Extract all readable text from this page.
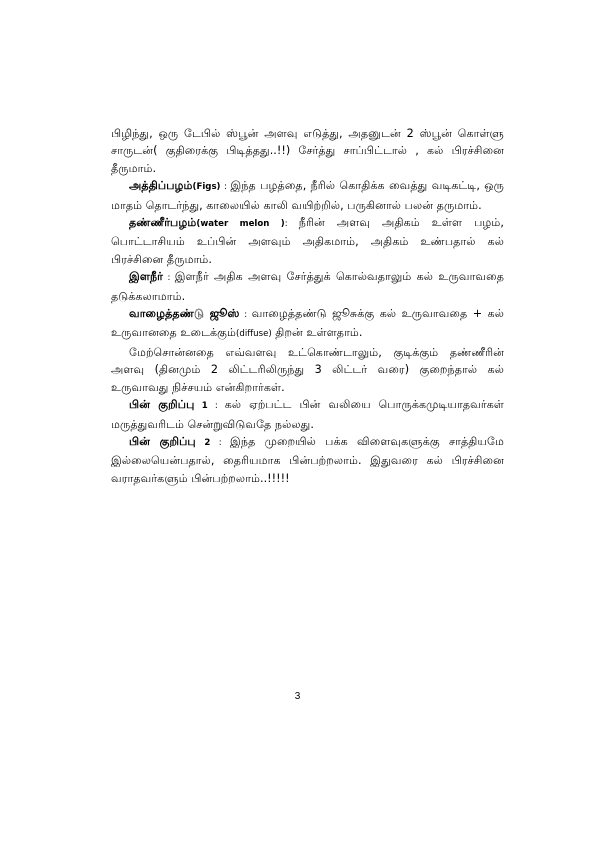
பிழிந்து, ஒரு டேபில் ஸ்பூன் அளவு எடுத்து, அதனுடன் 2 ஸ்பூன் கொள்ளு சாருடன்( குதிரைக்கு பிடித்தது..!!) சேர்த்து சாப்பிட்டால் , கல் பிரச்சினை தீருமாம்.

அத்திப்பழம்(Figs) : இந்த பழத்தை, நீரில் கொதிக்க வைத்து வடிகட்டி, ஒரு மாதம் தொடர்ந்து, காலையில் காலி வயிற்றில், பருகினால் பலன் தருமாம்.

தண்ணீர்பழம்(water melon ): நீரின் அளவு அதிகம் உள்ள பழம், பொட்டாசியம் உப்பின் அளவும் அதிகமாம், அதிகம் உண்பதால் கல் பிரச்சினை தீருமாம்.

இளநீர் : இளநீர் அதிக அளவு சேர்த்துக் கொல்வதாலும் கல் உருவாவதை தடுக்கலாமாம்.

வாழைத்தண்டு ஜூஸ் : வாழைத்தண்டு ஜூசுக்கு கல் உருவாவதை + கல் உருவானதை உடைக்கும்(diffuse) திறன் உள்ளதாம்.

மேற்சொன்னதை எவ்வளவு உட்கொண்டாலும், குடிக்கும் தண்ணீரின் அளவு (தினமும் 2 லிட்டரிலிருந்து 3 லிட்டர் வரை) குறைந்தால் கல் உருவாவது நிச்சயம் என்கிறார்கள்.

பின் குறிப்பு 1 : கல் ஏற்பட்ட பின் வலியை பொருக்கமுடியாதவர்கள் மருத்துவரிடம் சென்றுவிடுவதே நல்லது.

பின் குறிப்பு 2 : இந்த முறையில் பக்க விளைவுகளுக்கு சாத்தியமே இல்லையென்பதால், தைரியமாக பின்பற்றலாம். இதுவரை கல் பிரச்சினை வராதவர்களும் பின்பற்றலாம்..!!!!!

3
